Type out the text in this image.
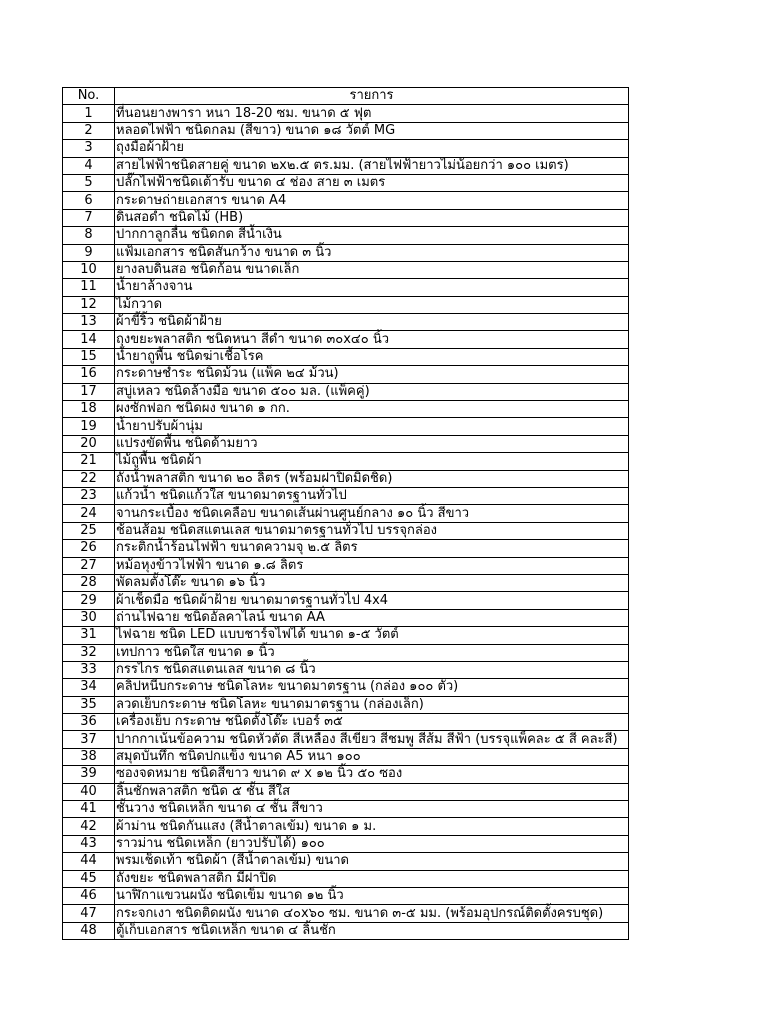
No.	รายการ
1	ที่นอนยางพารา หนา 18-20 ซม. ขนาด ๕ ฟุต
2	หลอดไฟฟ้า ชนิดกลม (สีขาว) ขนาด ๑๘ วัตต์ MG
3	ถุงมือผ้าฝ้าย
4	สายไฟฟ้าชนิดสายคู่ ขนาด ๒x๒.๕ ตร.มม. (สายไฟฟ้ายาวไม่น้อยกว่า ๑๐๐ เมตร)
5	ปลั๊กไฟฟ้าชนิดเต้ารับ ขนาด ๔ ช่อง สาย ๓ เมตร
6	กระดาษถ่ายเอกสาร ขนาด A4
7	ดินสอดำ ชนิดไม้ (HB)
8	ปากกาลูกลื่น ชนิดกด สีน้ำเงิน
9	แฟ้มเอกสาร ชนิดสันกว้าง ขนาด ๓ นิ้ว
10	ยางลบดินสอ ชนิดก้อน ขนาดเล็ก
11	น้ำยาล้างจาน
12	ไม้กวาด
13	ผ้าขี้ริ้ว ชนิดผ้าฝ้าย
14	ถุงขยะพลาสติก ชนิดหนา สีดำ ขนาด ๓๐x๔๐ นิ้ว
15	น้ำยาถูพื้น ชนิดฆ่าเชื้อโรค
16	กระดาษชำระ ชนิดม้วน (แพ็ค ๒๔ ม้วน)
17	สบู่เหลว ชนิดล้างมือ ขนาด ๕๐๐ มล. (แพ็คคู่)
18	ผงซักฟอก ชนิดผง ขนาด ๑ กก.
19	น้ำยาปรับผ้านุ่ม
20	แปรงขัดพื้น ชนิดด้ามยาว
21	ไม้ถูพื้น ชนิดผ้า
22	ถังน้ำพลาสติก ขนาด ๒๐ ลิตร (พร้อมฝาปิดมิดชิด)
23	แก้วน้ำ ชนิดแก้วใส ขนาดมาตรฐานทั่วไป
24	จานกระเบื้อง ชนิดเคลือบ ขนาดเส้นผ่านศูนย์กลาง ๑๐ นิ้ว สีขาว
25	ช้อนส้อม ชนิดสแตนเลส ขนาดมาตรฐานทั่วไป บรรจุกล่อง
26	กระติกน้ำร้อนไฟฟ้า ขนาดความจุ ๒.๕ ลิตร
27	หม้อหุงข้าวไฟฟ้า ขนาด ๑.๘ ลิตร
28	พัดลมตั้งโต๊ะ ขนาด ๑๖ นิ้ว
29	ผ้าเช็ดมือ ชนิดผ้าฝ้าย ขนาดมาตรฐานทั่วไป 4x4
30	ถ่านไฟฉาย ชนิดอัลคาไลน์ ขนาด AA
31	ไฟฉาย ชนิด LED แบบชาร์จไฟได้ ขนาด ๑-๕ วัตต์
32	เทปกาว ชนิดใส ขนาด ๑ นิ้ว
33	กรรไกร ชนิดสแตนเลส ขนาด ๘ นิ้ว
34	คลิปหนีบกระดาษ ชนิดโลหะ ขนาดมาตรฐาน (กล่อง ๑๐๐ ตัว)
35	ลวดเย็บกระดาษ ชนิดโลหะ ขนาดมาตรฐาน (กล่องเล็ก)
36	เครื่องเย็บ กระดาษ ชนิดตั้งโต๊ะ เบอร์ ๓๕
37	ปากกาเน้นข้อความ ชนิดหัวตัด สีเหลือง สีเขียว สีชมพู สีส้ม สีฟ้า (บรรจุแพ็คละ ๕ สี คละสี)
38	สมุดบันทึก ชนิดปกแข็ง ขนาด A5 หนา ๑๐๐
39	ซองจดหมาย ชนิดสีขาว ขนาด ๙ x ๑๒ นิ้ว ๕๐ ซอง
40	ลิ้นชักพลาสติก ชนิด ๕ ชั้น สีใส
41	ชั้นวาง ชนิดเหล็ก ขนาด ๔ ชั้น สีขาว
42	ผ้าม่าน ชนิดกันแสง (สีน้ำตาลเข้ม) ขนาด ๑ ม.
43	ราวม่าน ชนิดเหล็ก (ยาวปรับได้) ๑๐๐
44	พรมเช็ดเท้า ชนิดผ้า (สีน้ำตาลเข้ม) ขนาด
45	ถังขยะ ชนิดพลาสติก มีฝาปิด
46	นาฬิกาแขวนผนัง ชนิดเข็ม ขนาด ๑๒ นิ้ว
47	กระจกเงา ชนิดติดผนัง ขนาด ๔๐x๖๐ ซม. ขนาด ๓-๕ มม. (พร้อมอุปกรณ์ติดตั้งครบชุด)
48	ตู้เก็บเอกสาร ชนิดเหล็ก ขนาด ๔ ลิ้นชัก
